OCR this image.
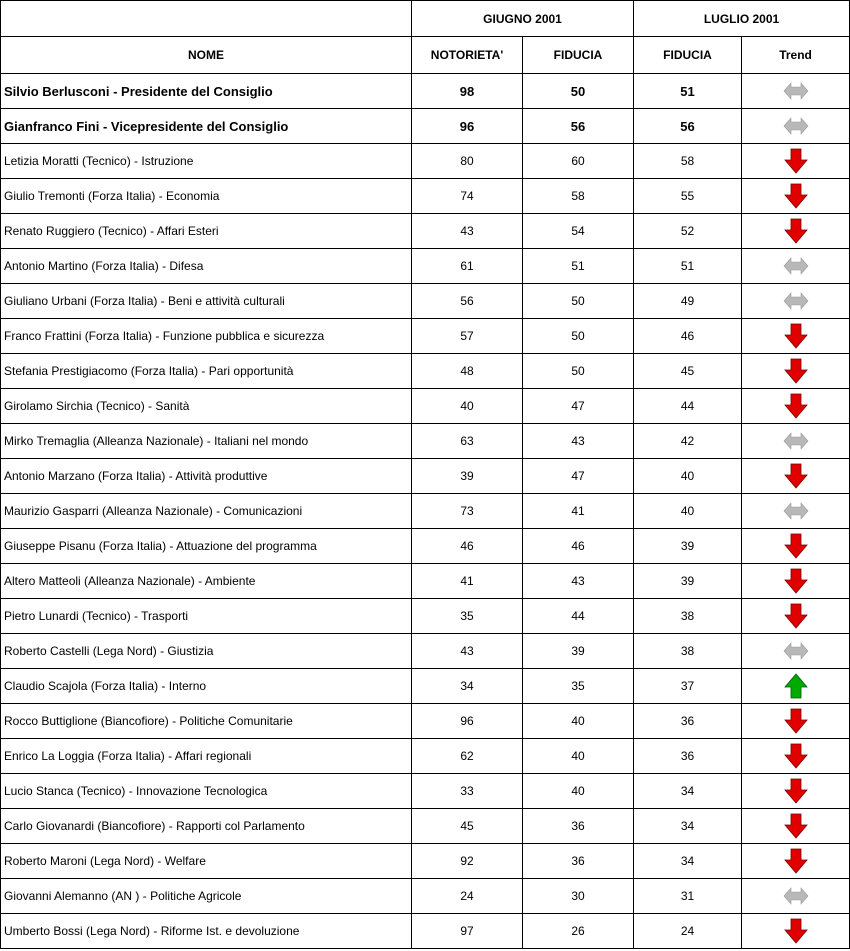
	GIUGNO 2001		LUGLIO 2001	
NOME	NOTORIETA'	FIDUCIA	FIDUCIA	Trend
Silvio Berlusconi - Presidente del Consiglio	98	50	51	

Gianfranco Fini - Vicepresidente del Consiglio	96	56	56	

Letizia Moratti (Tecnico) - Istruzione	80	60	58	

Giulio Tremonti (Forza Italia) - Economia	74	58	55	

Renato Ruggiero (Tecnico) - Affari Esteri	43	54	52	

Antonio Martino (Forza Italia) - Difesa	61	51	51	

Giuliano Urbani (Forza Italia) - Beni e attività culturali	56	50	49	

Franco Frattini (Forza Italia) - Funzione pubblica e sicurezza	57	50	46	

Stefania Prestigiacomo (Forza Italia) - Pari opportunità	48	50	45	

Girolamo Sirchia (Tecnico) - Sanità	40	47	44	

Mirko Tremaglia (Alleanza Nazionale) - Italiani nel mondo	63	43	42	

Antonio Marzano (Forza Italia) - Attività produttive	39	47	40	

Maurizio Gasparri (Alleanza Nazionale) - Comunicazioni	73	41	40	

Giuseppe Pisanu (Forza Italia) - Attuazione del programma	46	46	39	

Altero Matteoli (Alleanza Nazionale) - Ambiente	41	43	39	

Pietro Lunardi (Tecnico) - Trasporti	35	44	38	

Roberto Castelli (Lega Nord) - Giustizia	43	39	38	

Claudio Scajola (Forza Italia) - Interno	34	35	37	

Rocco Buttiglione (Biancofiore) - Politiche Comunitarie	96	40	36	

Enrico La Loggia (Forza Italia) - Affari regionali	62	40	36	

Lucio Stanca (Tecnico) - Innovazione Tecnologica	33	40	34	

Carlo Giovanardi (Biancofiore) - Rapporti col Parlamento	45	36	34	

Roberto Maroni (Lega Nord) - Welfare	92	36	34	

Giovanni Alemanno (AN ) - Politiche Agricole	24	30	31	

Umberto Bossi (Lega Nord) - Riforme Ist. e devoluzione	97	26	24	
